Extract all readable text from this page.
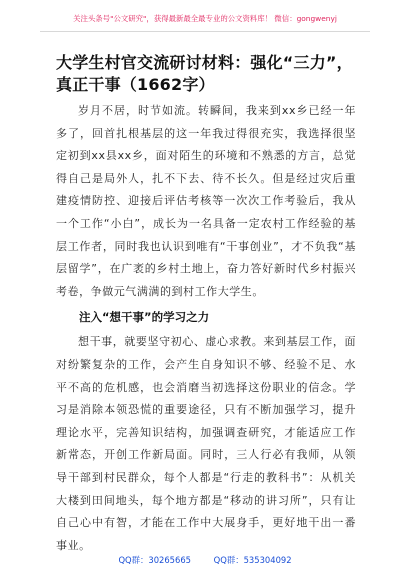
关注头条号"公文研究"，获得最新最全最专业的公文资料库！ 微信：gongwenyj
大学生村官交流研讨材料：强化“三力”，真正干事（1662字）

岁月不居，时节如流。转瞬间，我来到xx乡已经一年多了，回首扎根基层的这一年我过得很充实，我选择很坚定初到xx县xx乡，面对陌生的环境和不熟悉的方言，总觉得自己是局外人，扎不下去、待不长久。但是经过灾后重建疫情防控、迎接后评估考核等一次次工作考验后，我从一个工作“小白”，成长为一名具备一定农村工作经验的基层工作者，同时我也认识到唯有“干事创业”，才不负我“基层留学”，在广袤的乡村土地上，奋力答好新时代乡村振兴考卷，争做元气满满的到村工作大学生。

注入“想干事”的学习之力

想干事，就要坚守初心、虚心求教。来到基层工作，面对纷繁复杂的工作，会产生自身知识不够、经验不足、水平不高的危机感，也会消磨当初选择这份职业的信念。学习是消除本领恐慌的重要途径，只有不断加强学习，提升理论水平，完善知识结构，加强调查研究，才能适应工作新常态，开创工作新局面。同时，三人行必有我师，从领导干部到村民群众，每个人都是“行走的教科书”：从机关大楼到田间地头，每个地方都是“移动的讲习所”，只有让自己心中有智，才能在工作中大展身手，更好地干出一番事业。

QQ群：30265665	QQ群：535304092
